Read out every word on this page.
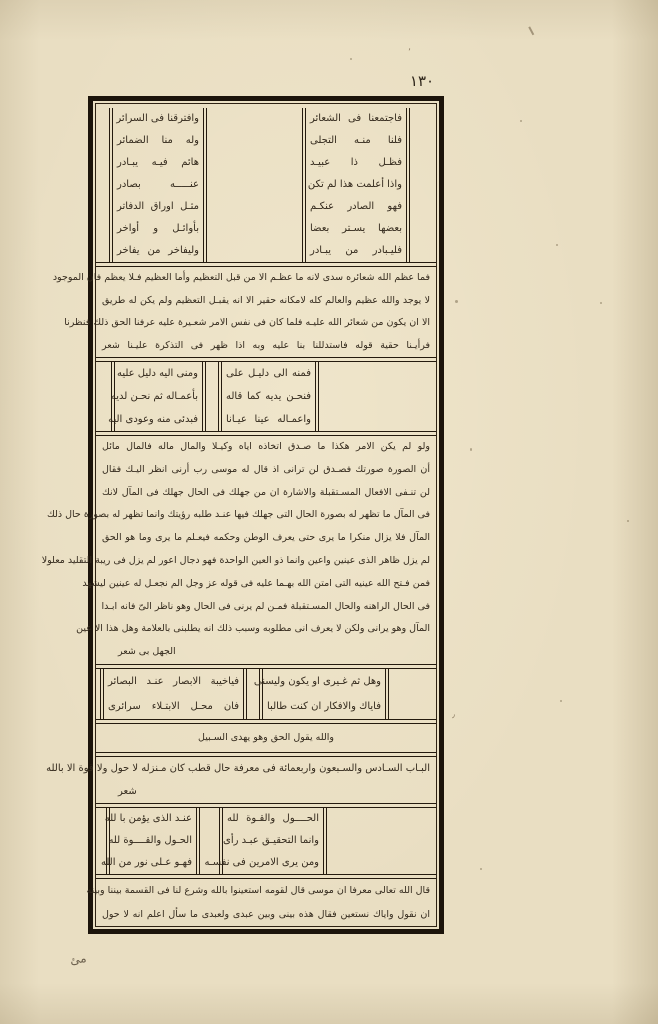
١٣٠
٬
فاجتمعنا فى الشعائر
فلنا منـه التجلى
فظـل ذا عبيـد
واذا أعلمت هذا لم تكن
فهو الصادر عنكـم
بعضها يسـتر بعضا
فليـبادر من يبـادر
وافترقنا فى السرائر
وله منا الضمائر
هائم فيـه يبـادر
عنـــــه بصادر
مثـل اوراق الدفاتر
بأوائـل و أواخر
وليفاخر من يفاخر
فما عظم الله شعائره سدى لانه ما عظـم الا من قبل التعظيم وأما العظيم فـلا يعظم فان الموجود
لا يوجد والله عظيم والعالم كله لامكانه حقير الا انه يقبـل التعظيم ولم يكن له طريق
الا ان يكون من شعائر الله عليـه فلما كان فى نفس الامر شعـيرة عليه عرفنا الحق ذلك فنظرنا
فرأيـنا حقية قوله فاستدللنا بنا عليه وبه اذا ظهر فى التذكرة عليـنا شعر
فمنه الى دليـل على
فنحـن يديه كما قاله
واعمـاله عينا عيـانا
ومنى اليه دليل عليه
بأعمـاله ثم نحـن لديه
فبدئى منه وعودى اليه
ولو لم يكن الامر هكذا ما صـدق اتخاذه اياه وكيـلا والمال ماله فالمال مائل
أن الصورة صورتك فصـدق لن ترانى اذ قال له موسى رب أرنى انظر اليـك فقال
لن تنـفى الافعال المسـتقبلة والاشارة ان من جهلك فى الحال جهلك فى المآل لانك
فى المآل ما تظهر له بصورة الحال التى جهلك فيها عنـد طلبه رؤيتك وانما تظهر له بصورة حال ذلك
المآل فلا يزال منكرا ما يرى حتى يعرف الوطن وحكمه فيعـلم ما يرى وما هو الحق
لم يزل ظاهر الذى عينين واعين وانما ذو العين الواحدة فهو دجال اعور لم يزل فى ريبة التقليد معلولا
فمن فـتح الله عينيه التى امتن الله بهـما عليه فى قوله عز وجل الم نجعـل له عينين ليشهد
فى الحال الراهنه والحال المسـتقبلة فمـن لم يرنى فى الحال وهو ناظر الىّ فانه ابـدا
المآل وهو يرانى ولكن لا يعرف انى مطلوبه وسبب ذلك انه يطلبنى بالعلامة وهل هذا الا عين
الجهل بى شعر
وهل ثم غـيرى او يكون وليسنى
فاياك والافكار ان كنت طالبا
فياخيبة الابصار عنـد البصائر
فان محـل الابتـلاء سرائرى
والله يقول الحق وهو يهدى السـبيل
البـاب السـادس والسـبعون واربعمائة فى معرفة حال قطب كان مـنزله لا حول ولا قوة الا بالله
شعر
الحــــول والقـوة لله
وانما التحقيـق عبـد رأى
ومن يرى الامرين فى نفسـه
عنـد الذى يؤمن با لله
الحـول والقــــوة لله
فهـو عـلى نور من الله
قال الله تعالى معرفا ان موسى قال لقومه استعينوا بالله وشرع لنا فى القسمة بيننا وبينه
ان نقول واياك نستعين فقال هذه بينى وبين عبدى ولعبدى ما سأل اعلم انه لا حول
مئ
٫
